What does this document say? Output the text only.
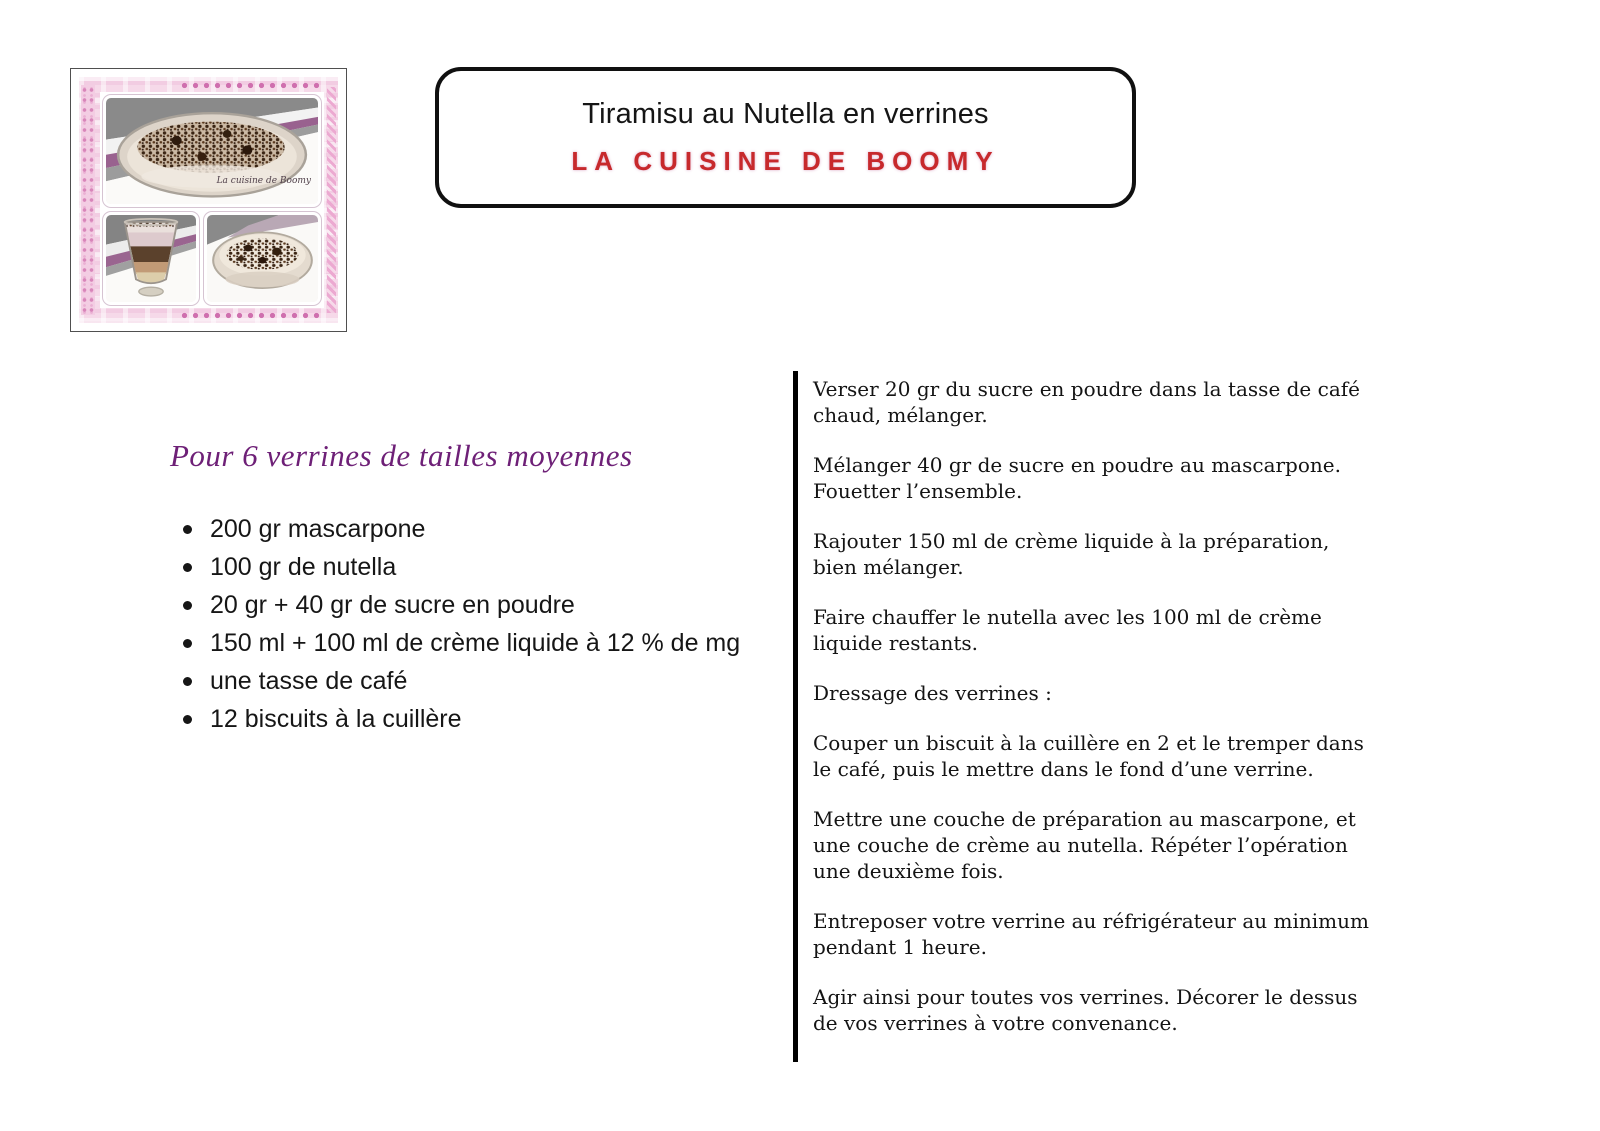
La cuisine de Boomy
Tiramisu au Nutella en verrines
LA CUISINE DE BOOMY
Pour 6 verrines de tailles moyennes
200 gr mascarpone
100 gr de nutella
20 gr + 40 gr de sucre en poudre
150 ml + 100 ml de crème liquide à 12 % de mg
une tasse de café
12 biscuits à la cuillère

Verser 20 gr du sucre en poudre dans la tasse de café chaud, mélanger.

Mélanger 40 gr de sucre en poudre au mascarpone. Fouetter l’ensemble.

Rajouter 150 ml de crème liquide à la préparation, bien mélanger.

Faire chauffer le nutella avec les 100 ml de crème liquide restants.

Dressage des verrines :

Couper un biscuit à la cuillère en 2 et le tremper dans le café, puis le mettre dans le fond d’une verrine.

Mettre une couche de préparation au mascarpone, et une couche de crème au nutella. Répéter l’opération une deuxième fois.

Entreposer votre verrine au réfrigérateur au minimum pendant 1 heure.

Agir ainsi pour toutes vos verrines. Décorer le dessus de vos verrines à votre convenance.
